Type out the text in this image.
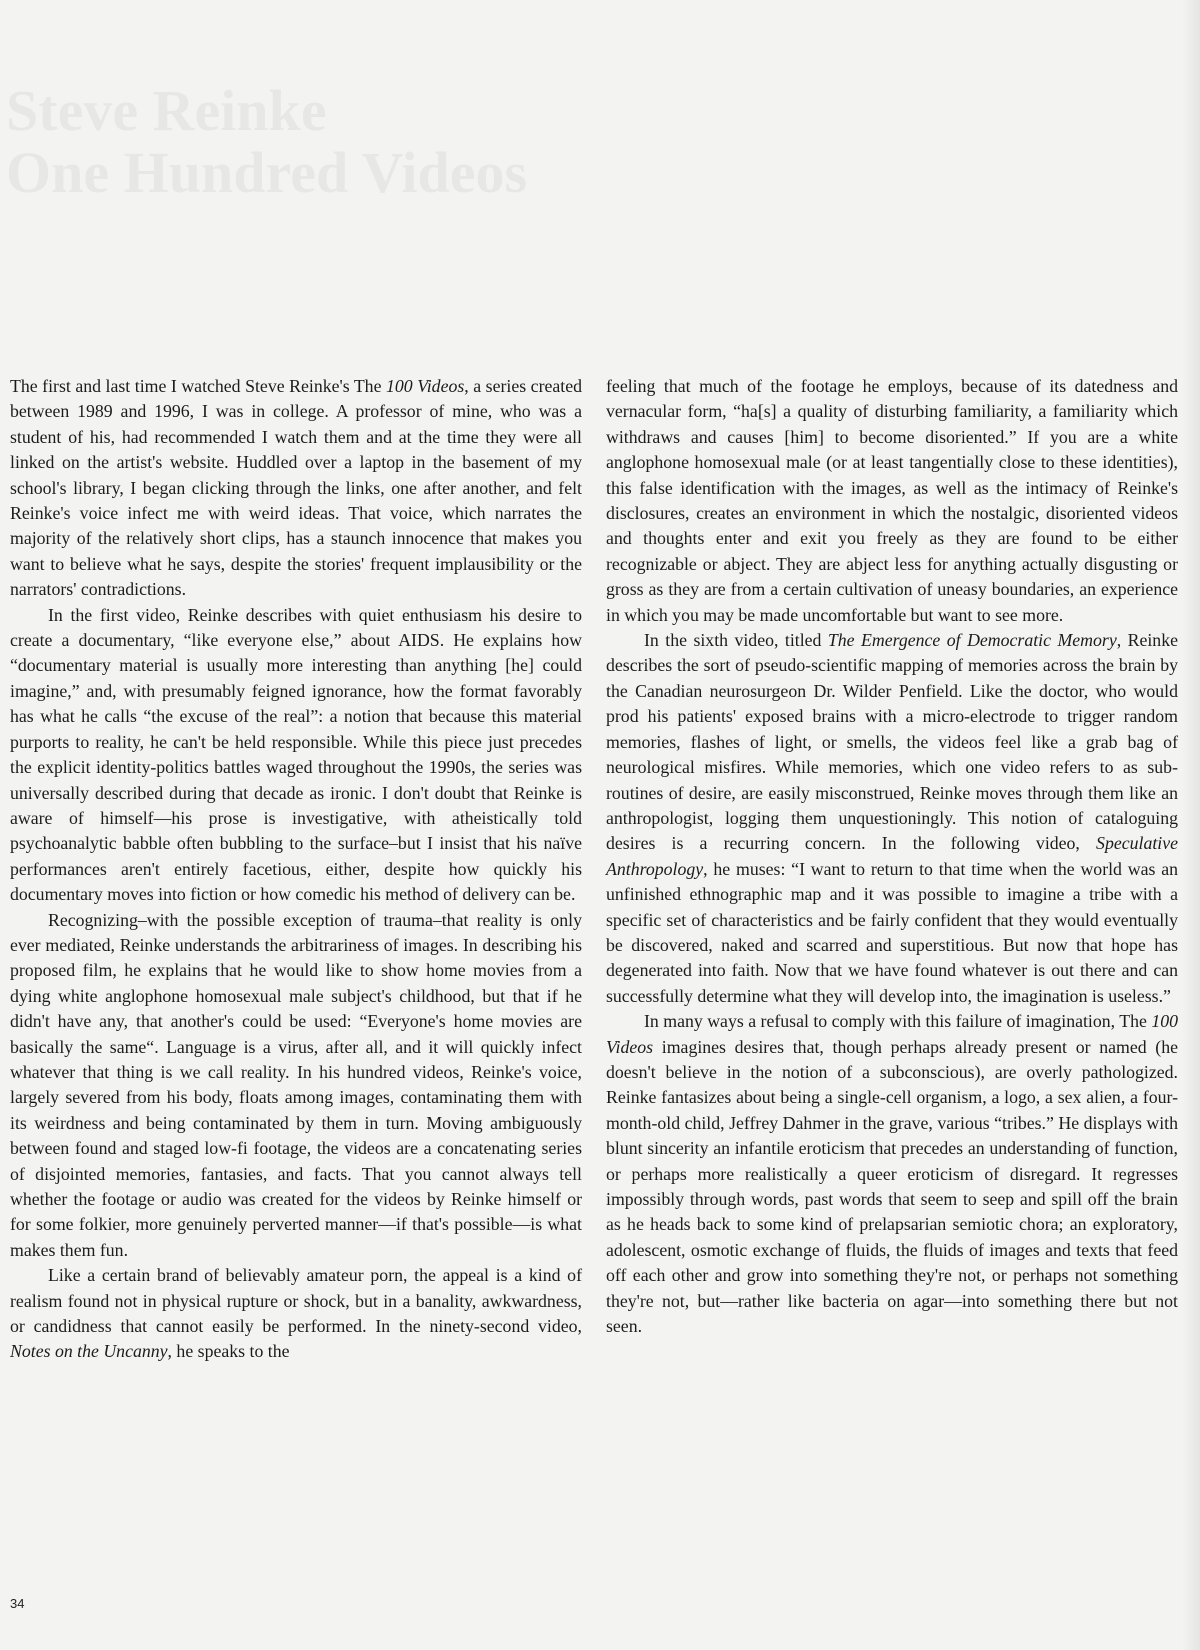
The first and last time I watched Steve Reinke's The 100 Videos, a series created between 1989 and 1996, I was in college. A professor of mine, who was a student of his, had recommended I watch them and at the time they were all linked on the artist's website. Huddled over a laptop in the basement of my school's library, I began clicking through the links, one after another, and felt Reinke's voice infect me with weird ideas. That voice, which narrates the majority of the relatively short clips, has a staunch innocence that makes you want to believe what he says, despite the stories' frequent implausibility or the narrators' contradictions.

In the first video, Reinke describes with quiet enthusiasm his desire to create a documentary, “like everyone else,” about AIDS. He explains how “documentary material is usually more interesting than anything [he] could imagine,” and, with presumably feigned ignorance, how the format favorably has what he calls “the excuse of the real”: a notion that because this material purports to reality, he can't be held responsible. While this piece just precedes the explicit identity-politics battles waged throughout the 1990s, the series was universally described during that decade as ironic. I don't doubt that Reinke is aware of himself—his prose is investigative, with atheistically told psychoanalytic babble often bubbling to the surface–but I insist that his naïve performances aren't entirely facetious, either, despite how quickly his documentary moves into fiction or how comedic his method of delivery can be.

Recognizing–with the possible exception of trauma–that reality is only ever mediated, Reinke understands the arbitrariness of images. In describing his proposed film, he explains that he would like to show home movies from a dying white anglophone homosexual male subject's childhood, but that if he didn't have any, that another's could be used: “Everyone's home movies are basically the same“. Language is a virus, after all, and it will quickly infect whatever that thing is we call reality. In his hundred videos, Reinke's voice, largely severed from his body, floats among images, contaminating them with its weirdness and being contaminated by them in turn. Moving ambiguously between found and staged low-fi footage, the videos are a concatenating series of disjointed memories, fantasies, and facts. That you cannot always tell whether the footage or audio was created for the videos by Reinke himself or for some folkier, more genuinely perverted manner—if that's possible—is what makes them fun.

Like a certain brand of believably amateur porn, the appeal is a kind of realism found not in physical rupture or shock, but in a banality, awkwardness, or candidness that cannot easily be performed. In the ninety-second video, Notes on the Uncanny, he speaks to the

feeling that much of the footage he employs, because of its datedness and vernacular form, “ha[s] a quality of disturbing familiarity, a familiarity which withdraws and causes [him] to become disoriented.” If you are a white anglophone homosexual male (or at least tangentially close to these identities), this false identification with the images, as well as the intimacy of Reinke's disclosures, creates an environment in which the nostalgic, disoriented videos and thoughts enter and exit you freely as they are found to be either recognizable or abject. They are abject less for anything actually disgusting or gross as they are from a certain cultivation of uneasy boundaries, an experience in which you may be made uncomfortable but want to see more.

In the sixth video, titled The Emergence of Democratic Memory, Reinke describes the sort of pseudo-scientific mapping of memories across the brain by the Canadian neurosurgeon Dr. Wilder Penfield. Like the doctor, who would prod his patients' exposed brains with a micro-electrode to trigger random memories, flashes of light, or smells, the videos feel like a grab bag of neurological misfires. While memories, which one video refers to as sub-routines of desire, are easily misconstrued, Reinke moves through them like an anthropologist, logging them unquestioningly. This notion of cataloguing desires is a recurring concern. In the following video, Speculative Anthropology, he muses: “I want to return to that time when the world was an unfinished ethnographic map and it was possible to imagine a tribe with a specific set of characteristics and be fairly confident that they would eventually be discovered, naked and scarred and superstitious. But now that hope has degenerated into faith. Now that we have found whatever is out there and can successfully determine what they will develop into, the imagination is useless.”

In many ways a refusal to comply with this failure of imagination, The 100 Videos imagines desires that, though perhaps already present or named (he doesn't believe in the notion of a subconscious), are overly pathologized. Reinke fantasizes about being a single-cell organism, a logo, a sex alien, a four-month-old child, Jeffrey Dahmer in the grave, various “tribes.” He displays with blunt sincerity an infantile eroticism that precedes an understanding of function, or perhaps more realistically a queer eroticism of disregard. It regresses impossibly through words, past words that seem to seep and spill off the brain as he heads back to some kind of prelapsarian semiotic chora; an exploratory, adolescent, osmotic exchange of fluids, the fluids of images and texts that feed off each other and grow into something they're not, or perhaps not something they're not, but—rather like bacteria on agar—into something there but not seen.

34
